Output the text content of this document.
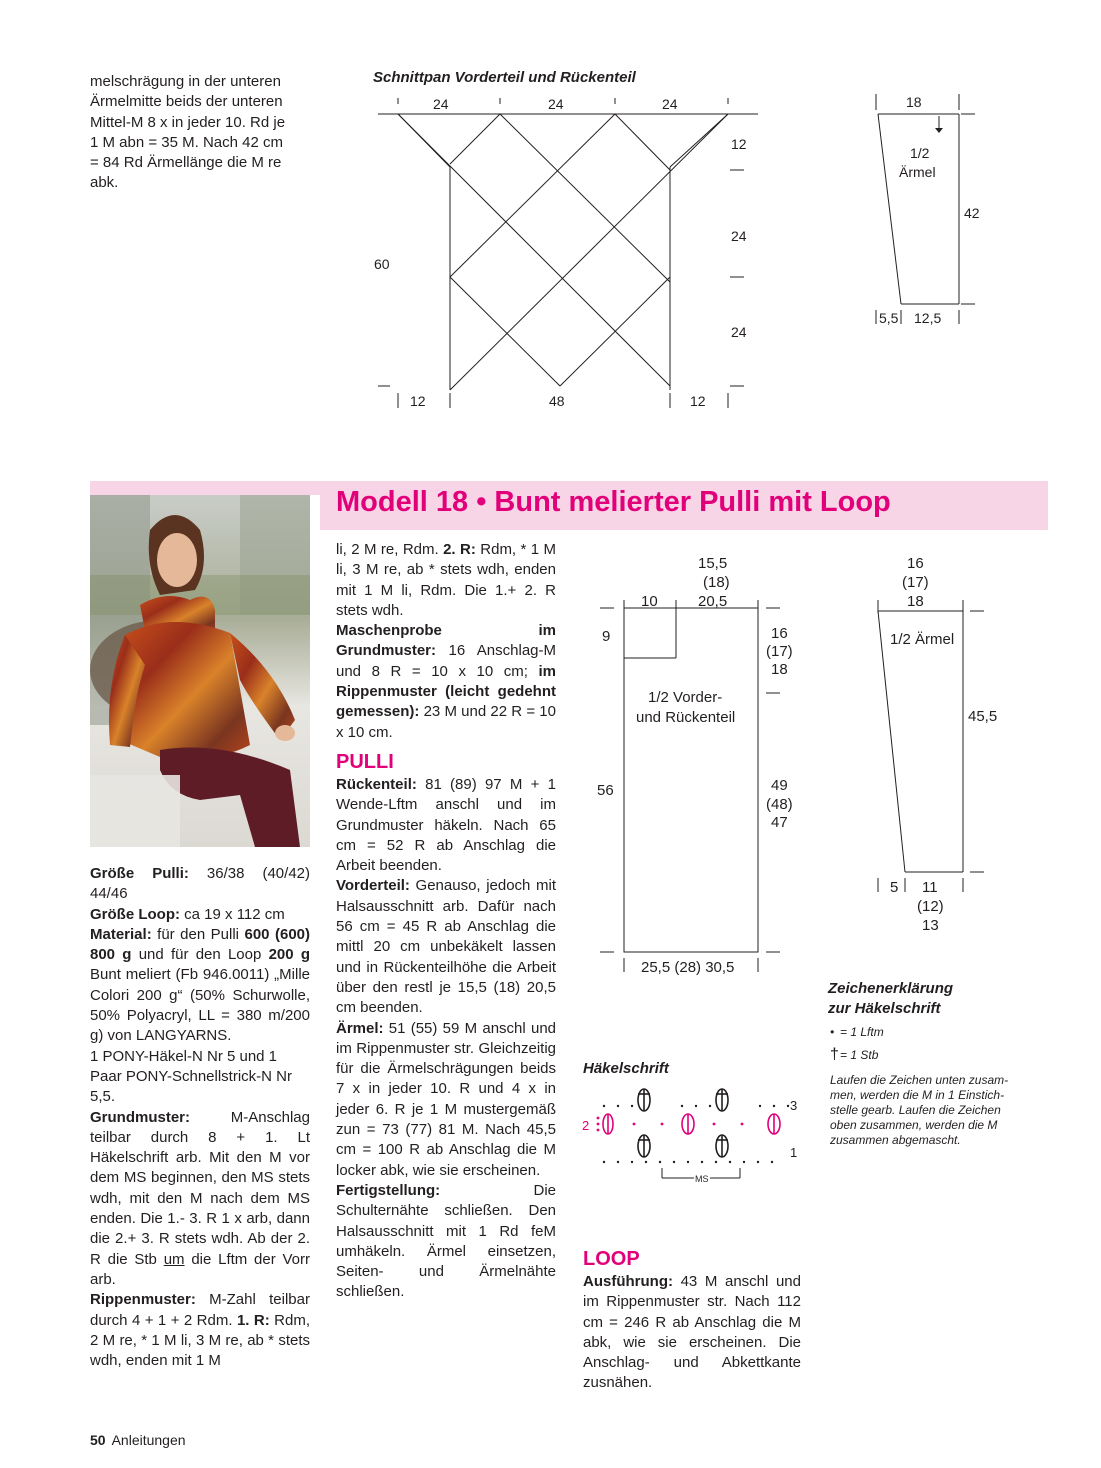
melschrägung in der unteren

Ärmelmitte beids der unteren

Mittel-M 8 x in jeder 10. Rd je

1 M abn = 35 M. Nach 42 cm

= 84 Rd Ärmellänge die M re

abk.

Schnittpan Vorderteil und Rückenteil
24	24	24
12	48	12
12
24
24
60
18
1/2
Ärmel
42
5,5 12,5
Modell 18 • Bunt melierter Pulli mit Loop

Größe Pulli: 36/38 (40/42) 44/46

Größe Loop: ca 19 x 112 cm

Material: für den Pulli 600 (600) 800 g und für den Loop 200 g Bunt meliert (Fb 946.0011) „Mille Colori 200 g“ (50% Schurwolle, 50% Polyacryl, LL = 380 m/200 g) von LANGYARNS.

1 PONY-Häkel-N Nr 5 und 1 Paar PONY-Schnellstrick-N Nr 5,5.

Grundmuster:	M-Anschlag teilbar durch 8 + 1. Lt Häkelschrift arb. Mit den M vor dem MS beginnen, den MS stets wdh, mit den M nach dem MS enden. Die 1.- 3. R 1 x arb, dann die 2.+ 3. R stets wdh. Ab der 2. R die Stb um die Lftm der Vorr arb.

Rippenmuster: M-Zahl teilbar durch 4 + 1 + 2 Rdm. 1. R: Rdm, 2 M re, * 1 M li, 3 M re, ab * stets wdh, enden mit 1 M

li, 2 M re, Rdm. 2. R: Rdm, * 1 M li, 3 M re, ab * stets wdh, enden mit 1 M li, Rdm. Die 1.+ 2. R stets wdh.

Maschenprobe im Grundmuster: 16 Anschlag-M und 8 R = 10 x 10 cm; im Rippenmuster (leicht gedehnt gemessen): 23 M und 22 R = 10 x 10 cm.

PULLI

Rückenteil: 81 (89) 97 M + 1 Wende-Lftm anschl und im Grundmuster häkeln. Nach 65 cm = 52 R ab Anschlag die Arbeit beenden.

Vorderteil: Genauso, jedoch mit Halsausschnitt arb. Dafür nach 56 cm = 45 R ab Anschlag die mittl 20 cm unbekäkelt lassen und in Rückenteilhöhe die Arbeit über den restl je 15,5 (18) 20,5 cm beenden.

Ärmel: 51 (55) 59 M anschl und im Rippenmuster str. Gleichzeitig für die Ärmelschrägungen beids 7 x in jeder 10. R und 4 x in jeder 6. R je 1 M mustergemäß zun = 73 (77) 81 M. Nach 45,5 cm = 100 R ab Anschlag die M locker abk, wie sie erscheinen.

Fertigstellung:	Die Schulternähte schließen. Den Halsausschnitt mit 1 Rd feM umhäkeln. Ärmel einsetzen, Seiten- und Ärmelnähte schließen.

15,5
(18)
20,5
10
9	16
(17)
18
1/2 Vorder-
und Rückenteil
56	49
(48)
47
25,5 (28) 30,5
16
(17)
18
1/2 Ärmel
45,5
5 11
(12)
13
Häkelschrift
3
2
1
MS
Zeichenerklärung
zur Häkelschrift
• = 1 Lftm
†= 1 Stb
Laufen die Zeichen unten zusam-
men, werden die M in 1 Einstich-
stelle gearb. Laufen die Zeichen
oben zusammen, werden die M
zusammen abgemascht.

LOOP

Ausführung: 43 M anschl und im Rippenmuster str. Nach 112 cm = 246 R ab Anschlag die M abk, wie sie erscheinen. Die Anschlag- und Abkettkante zusnähen.

50 Anleitungen
